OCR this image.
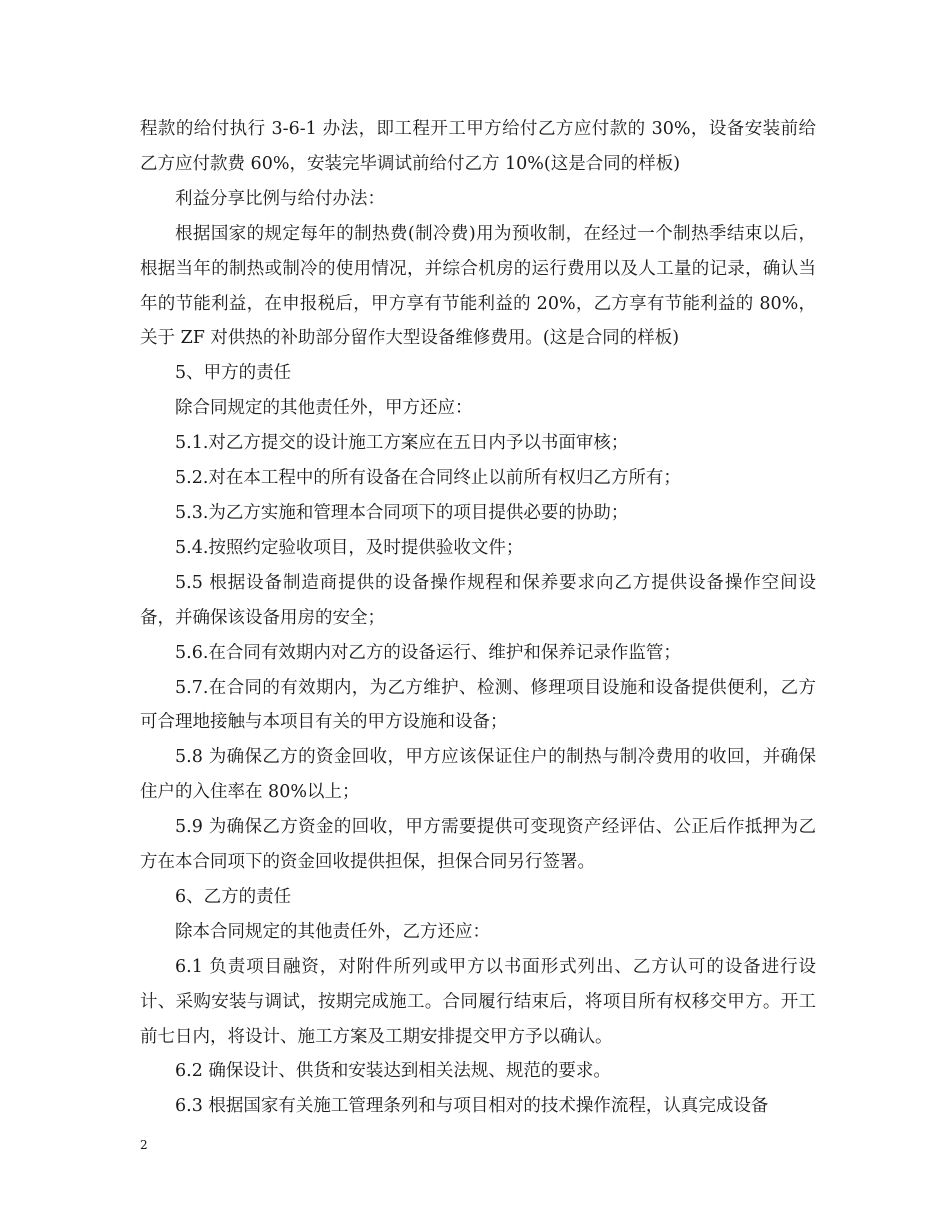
程款的给付执行 3-6-1 办法，即工程开工甲方给付乙方应付款的 30%，设备安装前给乙方应付款费 60%，安装完毕调试前给付乙方 10%(这是合同的样板)

利益分享比例与给付办法：

根据国家的规定每年的制热费(制冷费)用为预收制，在经过一个制热季结束以后，根据当年的制热或制冷的使用情况，并综合机房的运行费用以及人工量的记录，确认当年的节能利益，在申报税后，甲方享有节能利益的 20%，乙方享有节能利益的 80%，关于 ZF 对供热的补助部分留作大型设备维修费用。(这是合同的样板)

5、甲方的责任

除合同规定的其他责任外，甲方还应：

5.1.对乙方提交的设计施工方案应在五日内予以书面审核；

5.2.对在本工程中的所有设备在合同终止以前所有权归乙方所有；

5.3.为乙方实施和管理本合同项下的项目提供必要的协助；

5.4.按照约定验收项目，及时提供验收文件；

5.5 根据设备制造商提供的设备操作规程和保养要求向乙方提供设备操作空间设备，并确保该设备用房的安全；

5.6.在合同有效期内对乙方的设备运行、维护和保养记录作监管；

5.7.在合同的有效期内，为乙方维护、检测、修理项目设施和设备提供便利，乙方可合理地接触与本项目有关的甲方设施和设备；

5.8 为确保乙方的资金回收，甲方应该保证住户的制热与制冷费用的收回，并确保住户的入住率在 80%以上；

5.9 为确保乙方资金的回收，甲方需要提供可变现资产经评估、公正后作抵押为乙方在本合同项下的资金回收提供担保，担保合同另行签署。

6、乙方的责任

除本合同规定的其他责任外，乙方还应：

6.1 负责项目融资，对附件所列或甲方以书面形式列出、乙方认可的设备进行设计、采购安装与调试，按期完成施工。合同履行结束后，将项目所有权移交甲方。开工前七日内，将设计、施工方案及工期安排提交甲方予以确认。

6.2 确保设计、供货和安装达到相关法规、规范的要求。

6.3 根据国家有关施工管理条列和与项目相对的技术操作流程，认真完成设备

2
